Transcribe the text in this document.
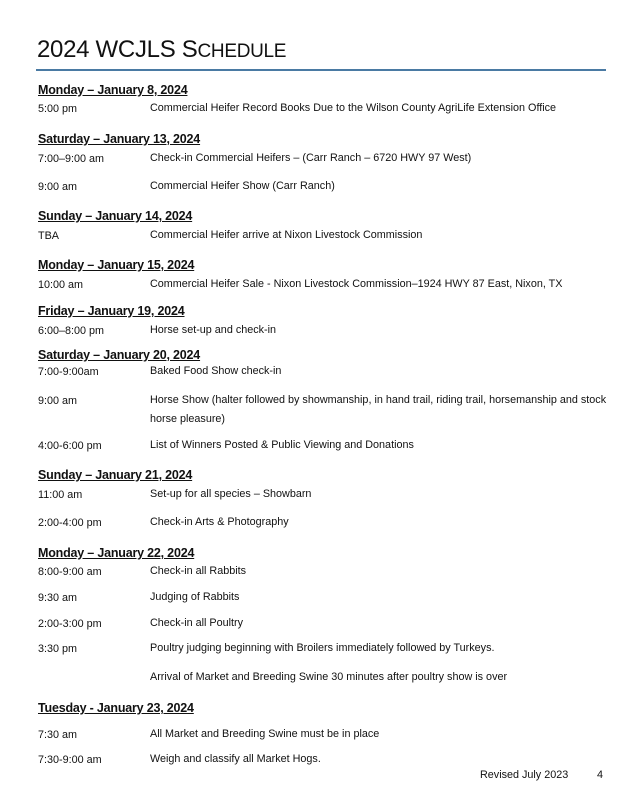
2024 WCJLS SCHEDULE
Monday – January 8, 2024
5:00 pm	Commercial Heifer Record Books Due to the Wilson County AgriLife Extension Office
Saturday – January 13, 2024
7:00–9:00 am	Check-in Commercial Heifers – (Carr Ranch – 6720 HWY 97 West)
9:00 am	Commercial Heifer Show (Carr Ranch)
Sunday – January 14, 2024
TBA	Commercial Heifer arrive at Nixon Livestock Commission
Monday – January 15, 2024
10:00 am	Commercial Heifer Sale - Nixon Livestock Commission–1924 HWY 87 East, Nixon, TX
Friday – January 19, 2024
6:00–8:00 pm	Horse set-up and check-in
Saturday – January 20, 2024
7:00-9:00am	Baked Food Show check-in
9:00 am	Horse Show (halter followed by showmanship, in hand trail, riding trail, horsemanship and stock horse pleasure)
4:00-6:00 pm	List of Winners Posted & Public Viewing and Donations
Sunday – January 21, 2024
11:00 am	Set-up for all species – Showbarn
2:00-4:00 pm	Check-in Arts & Photography
Monday – January 22, 2024
8:00-9:00 am	Check-in all Rabbits
9:30 am	Judging of Rabbits
2:00-3:00 pm	Check-in all Poultry
3:30 pm	Poultry judging beginning with Broilers immediately followed by Turkeys.
Arrival of Market and Breeding Swine 30 minutes after poultry show is over
Tuesday - January 23, 2024
7:30 am	All Market and Breeding Swine must be in place
7:30-9:00 am	Weigh and classify all Market Hogs.
Revised July 2023	4
